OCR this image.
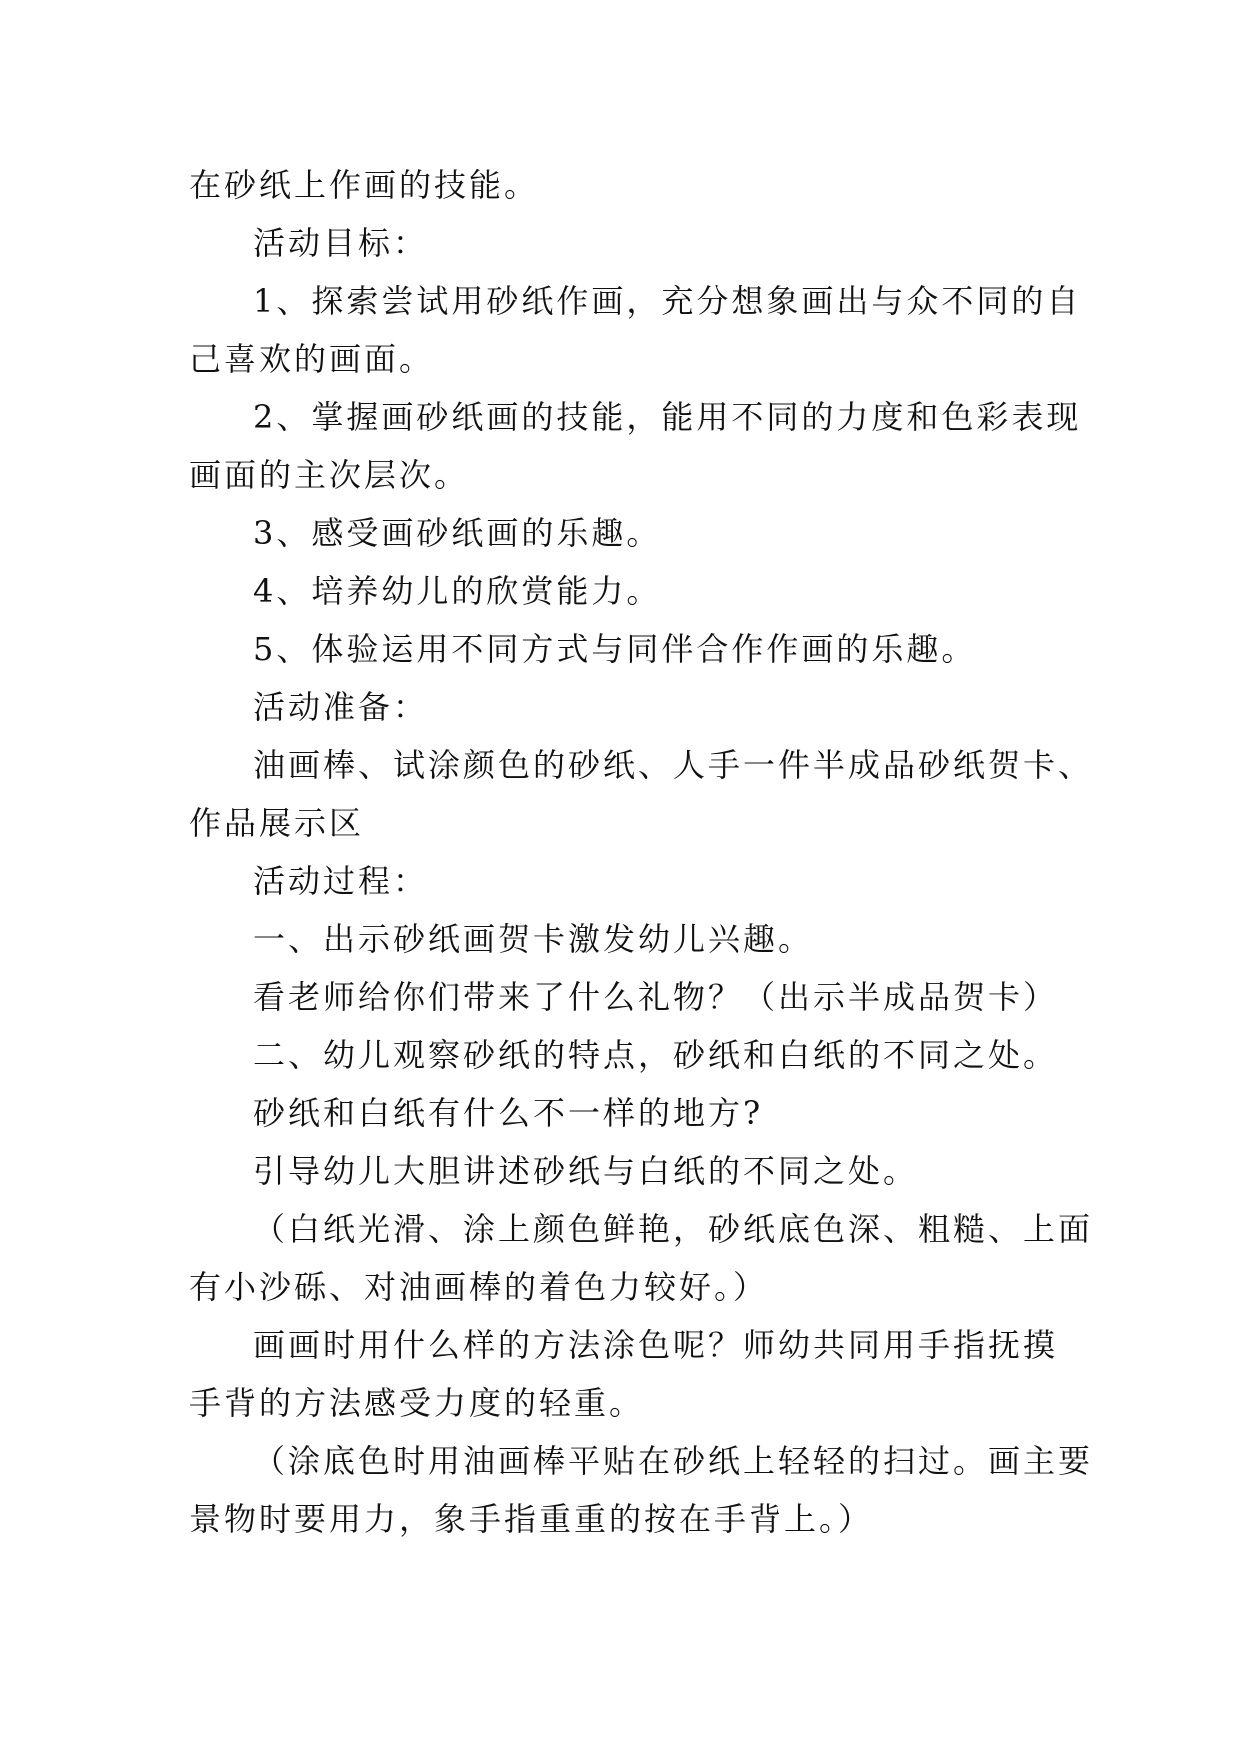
在砂纸上作画的技能。
活动目标：
1、探索尝试用砂纸作画，充分想象画出与众不同的自
己喜欢的画面。
2、掌握画砂纸画的技能，能用不同的力度和色彩表现
画面的主次层次。
3、感受画砂纸画的乐趣。
4、培养幼儿的欣赏能力。
5、体验运用不同方式与同伴合作作画的乐趣。
活动准备：
油画棒、试涂颜色的砂纸、人手一件半成品砂纸贺卡、
作品展示区
活动过程：
一、出示砂纸画贺卡激发幼儿兴趣。
看老师给你们带来了什么礼物？（出示半成品贺卡）
二、幼儿观察砂纸的特点，砂纸和白纸的不同之处。
砂纸和白纸有什么不一样的地方?
引导幼儿大胆讲述砂纸与白纸的不同之处。
（白纸光滑、涂上颜色鲜艳，砂纸底色深、粗糙、上面
有小沙砾、对油画棒的着色力较好。）
画画时用什么样的方法涂色呢？师幼共同用手指抚摸
手背的方法感受力度的轻重。
（涂底色时用油画棒平贴在砂纸上轻轻的扫过。画主要
景物时要用力，象手指重重的按在手背上。）
